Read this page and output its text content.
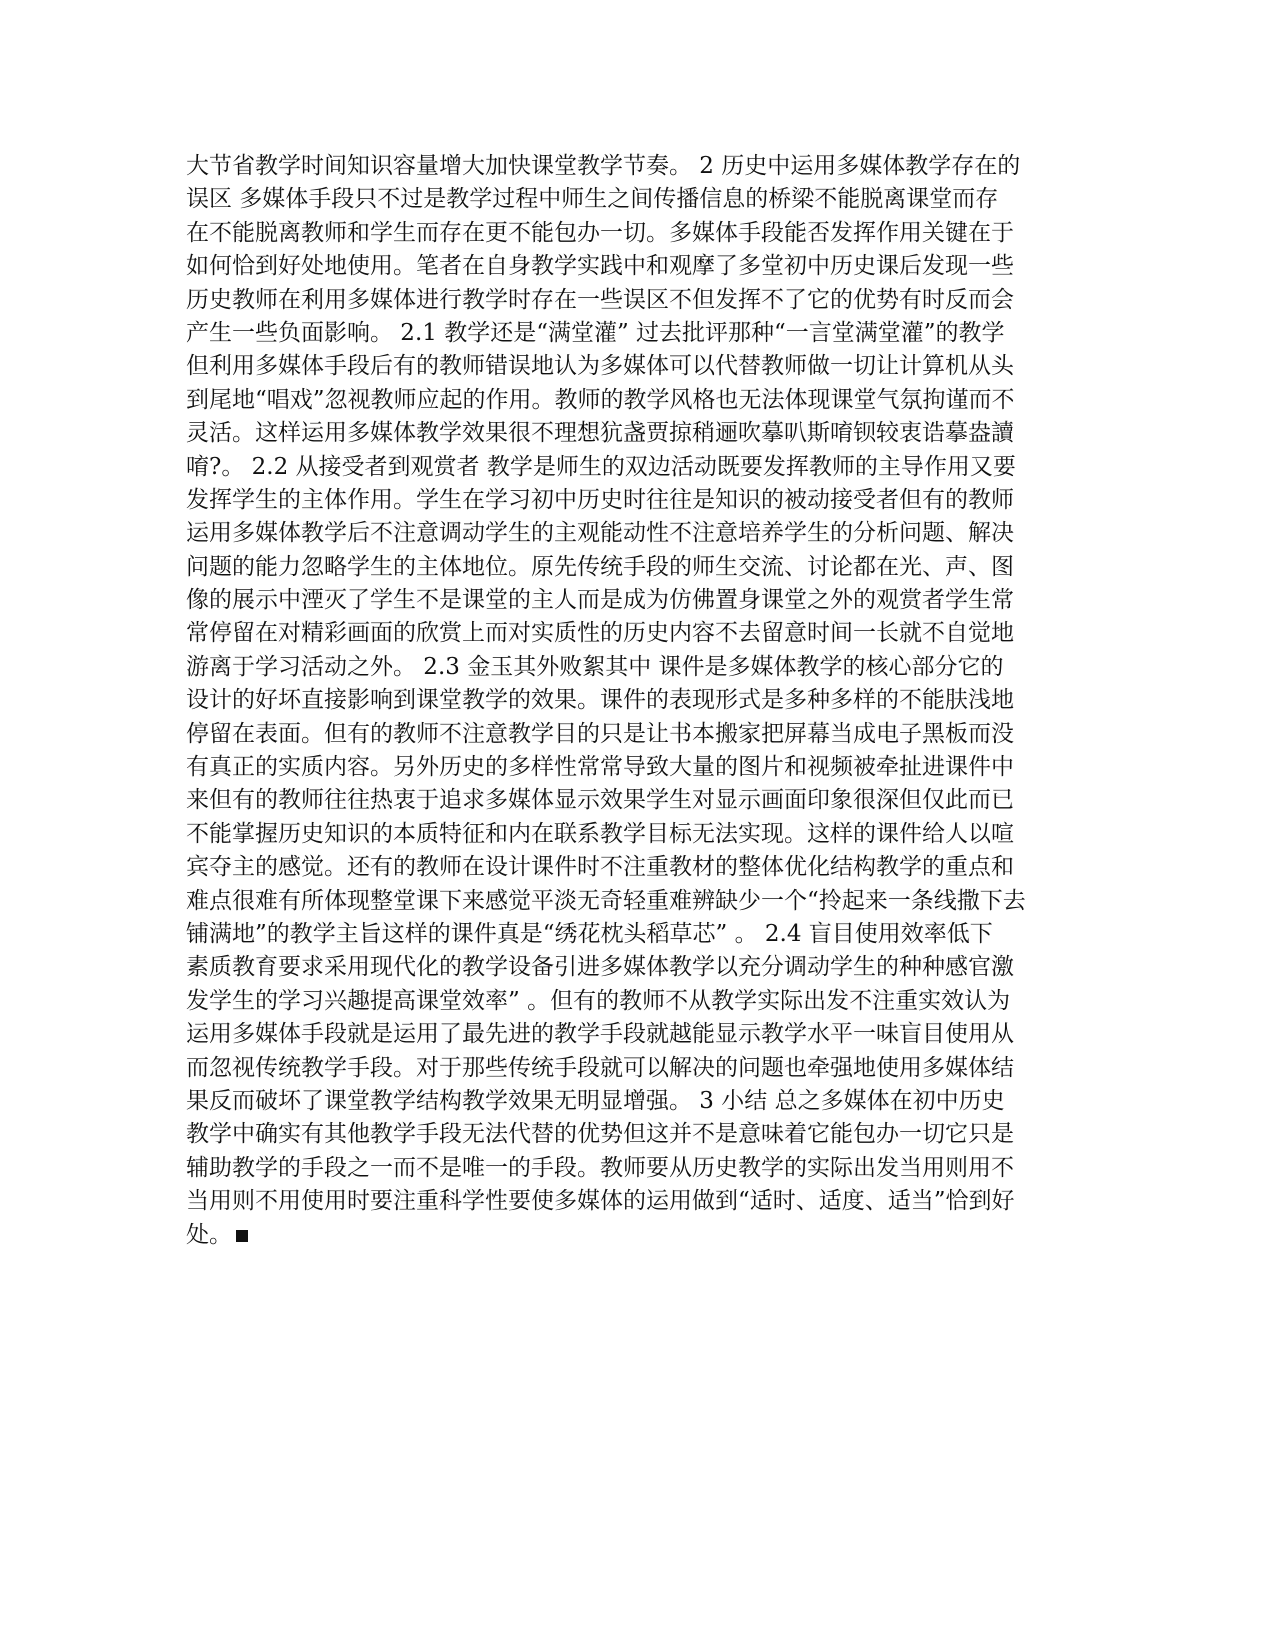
大节省教学时间知识容量增大加快课堂教学节奏。 2 历史中运用多媒体教学存在的
误区 多媒体手段只不过是教学过程中师生之间传播信息的桥梁不能脱离课堂而存
在不能脱离教师和学生而存在更不能包办一切。多媒体手段能否发挥作用关键在于
如何恰到好处地使用。笔者在自身教学实践中和观摩了多堂初中历史课后发现一些
历史教师在利用多媒体进行教学时存在一些误区不但发挥不了它的优势有时反而会
产生一些负面影响。 2.1 教学还是“满堂灌” 过去批评那种“一言堂满堂灌”的教学
但利用多媒体手段后有的教师错误地认为多媒体可以代替教师做一切让计算机从头
到尾地“唱戏”忽视教师应起的作用。教师的教学风格也无法体现课堂气氛拘谨而不
灵活。这样运用多媒体教学效果很不理想犺盏贾掠稍逦吹摹叭斯唷钡较衷诰摹盎讀
唷?。 2.2 从接受者到观赏者 教学是师生的双边活动既要发挥教师的主导作用又要
发挥学生的主体作用。学生在学习初中历史时往往是知识的被动接受者但有的教师
运用多媒体教学后不注意调动学生的主观能动性不注意培养学生的分析问题、解决
问题的能力忽略学生的主体地位。原先传统手段的师生交流、讨论都在光、声、图
像的展示中湮灭了学生不是课堂的主人而是成为仿佛置身课堂之外的观赏者学生常
常停留在对精彩画面的欣赏上而对实质性的历史内容不去留意时间一长就不自觉地
游离于学习活动之外。 2.3 金玉其外败絮其中 课件是多媒体教学的核心部分它的
设计的好坏直接影响到课堂教学的效果。课件的表现形式是多种多样的不能肤浅地
停留在表面。但有的教师不注意教学目的只是让书本搬家把屏幕当成电子黑板而没
有真正的实质内容。另外历史的多样性常常导致大量的图片和视频被牵扯进课件中
来但有的教师往往热衷于追求多媒体显示效果学生对显示画面印象很深但仅此而已
不能掌握历史知识的本质特征和内在联系教学目标无法实现。这样的课件给人以喧
宾夺主的感觉。还有的教师在设计课件时不注重教材的整体优化结构教学的重点和
难点很难有所体现整堂课下来感觉平淡无奇轻重难辨缺少一个“拎起来一条线撒下去
铺满地”的教学主旨这样的课件真是“绣花枕头稻草芯” 。 2.4 盲目使用效率低下
素质教育要求采用现代化的教学设备引进多媒体教学以充分调动学生的种种感官激
发学生的学习兴趣提高课堂效率” 。但有的教师不从教学实际出发不注重实效认为
运用多媒体手段就是运用了最先进的教学手段就越能显示教学水平一味盲目使用从
而忽视传统教学手段。对于那些传统手段就可以解决的问题也牵强地使用多媒体结
果反而破坏了课堂教学结构教学效果无明显增强。 3 小结 总之多媒体在初中历史
教学中确实有其他教学手段无法代替的优势但这并不是意味着它能包办一切它只是
辅助教学的手段之一而不是唯一的手段。教师要从历史教学的实际出发当用则用不
当用则不用使用时要注重科学性要使多媒体的运用做到“适时、适度、适当”恰到好
处。
